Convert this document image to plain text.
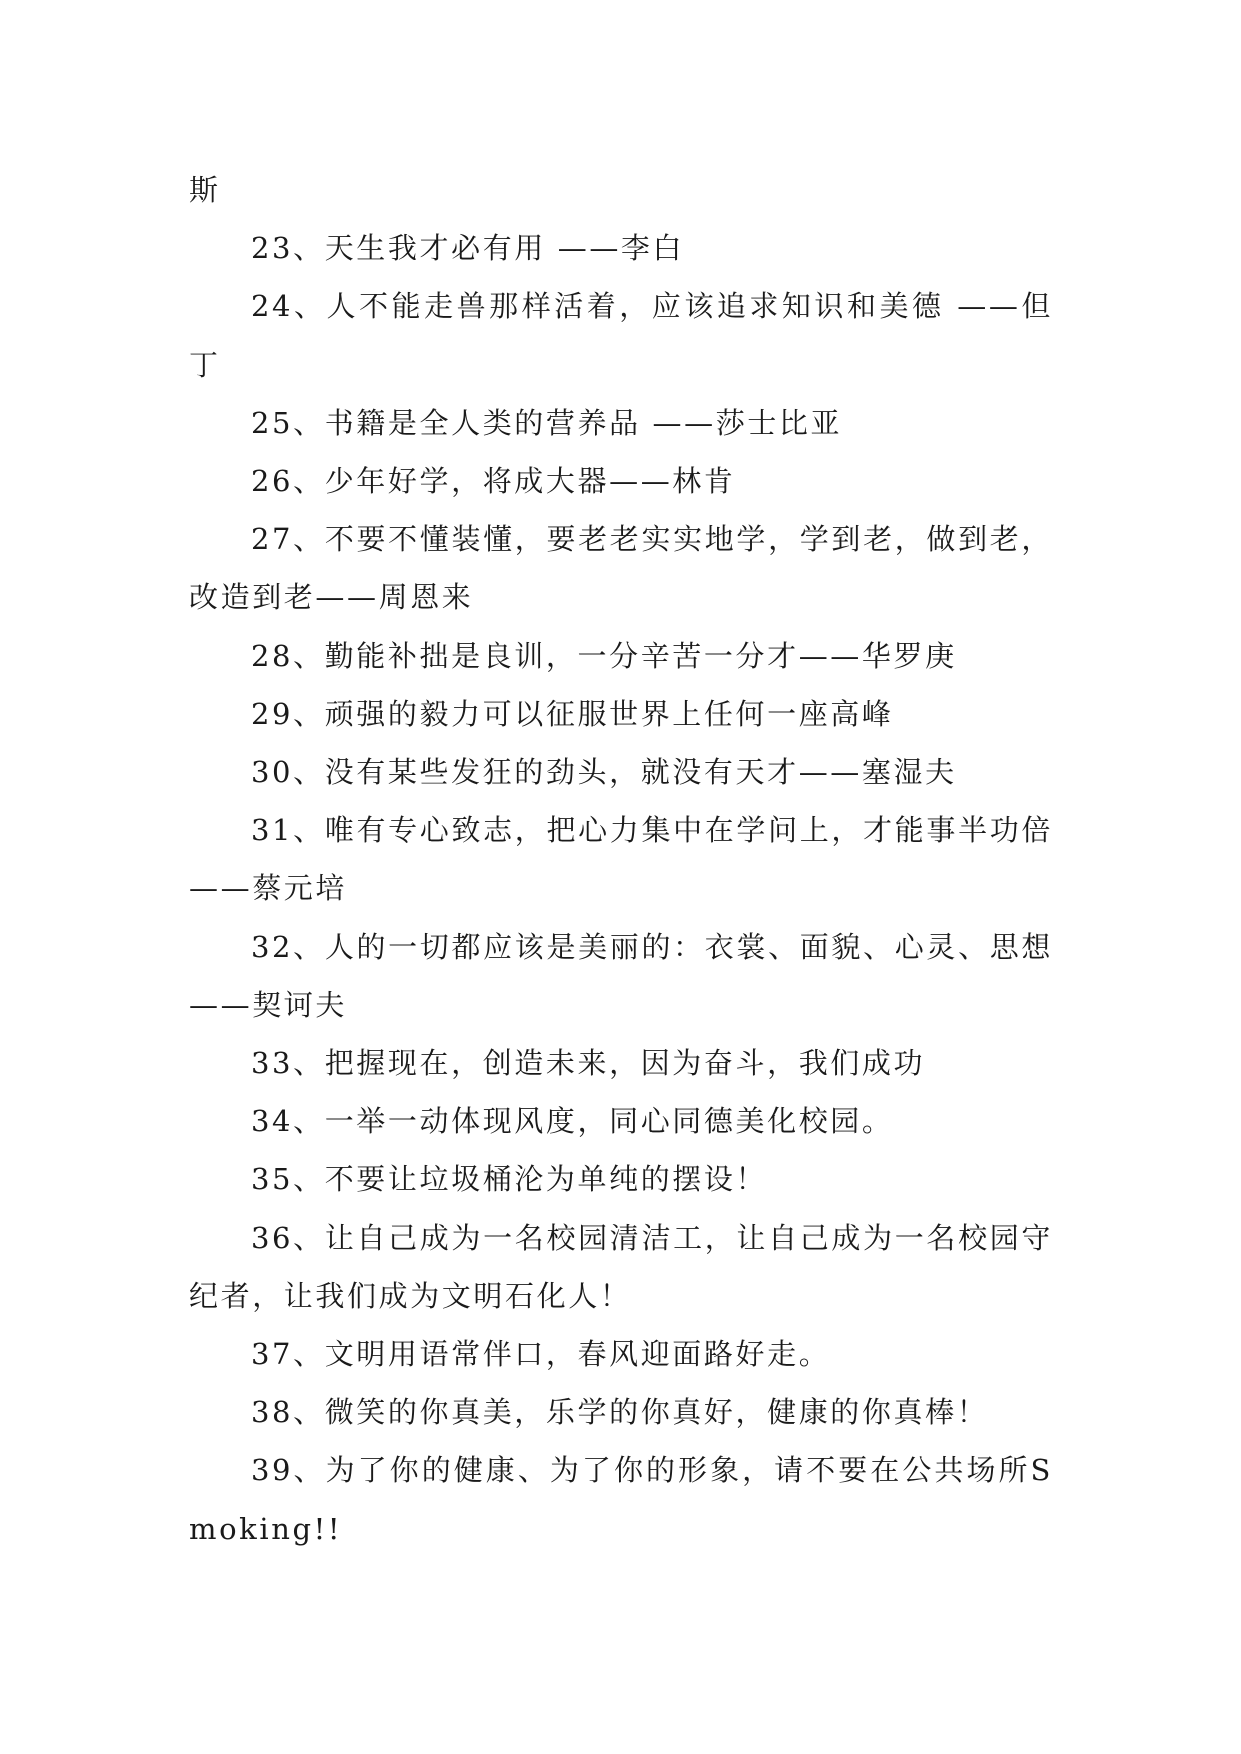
斯

23、天生我才必有用 ——李白

24、人不能走兽那样活着，应该追求知识和美德 ——但丁

25、书籍是全人类的营养品 ——莎士比亚

26、少年好学，将成大器——林肯

27、不要不懂装懂，要老老实实地学，学到老，做到老，改造到老——周恩来

28、勤能补拙是良训，一分辛苦一分才——华罗庚

29、顽强的毅力可以征服世界上任何一座高峰

30、没有某些发狂的劲头，就没有天才——塞湿夫

31、唯有专心致志，把心力集中在学问上，才能事半功倍——蔡元培

32、人的一切都应该是美丽的：衣裳、面貌、心灵、思想——契诃夫

33、把握现在，创造未来，因为奋斗，我们成功

34、一举一动体现风度，同心同德美化校园。

35、不要让垃圾桶沦为单纯的摆设！

36、让自己成为一名校园清洁工，让自己成为一名校园守纪者，让我们成为文明石化人！

37、文明用语常伴口，春风迎面路好走。

38、微笑的你真美，乐学的你真好，健康的你真棒！

39、为了你的健康、为了你的形象，请不要在公共场所Smoking!!
